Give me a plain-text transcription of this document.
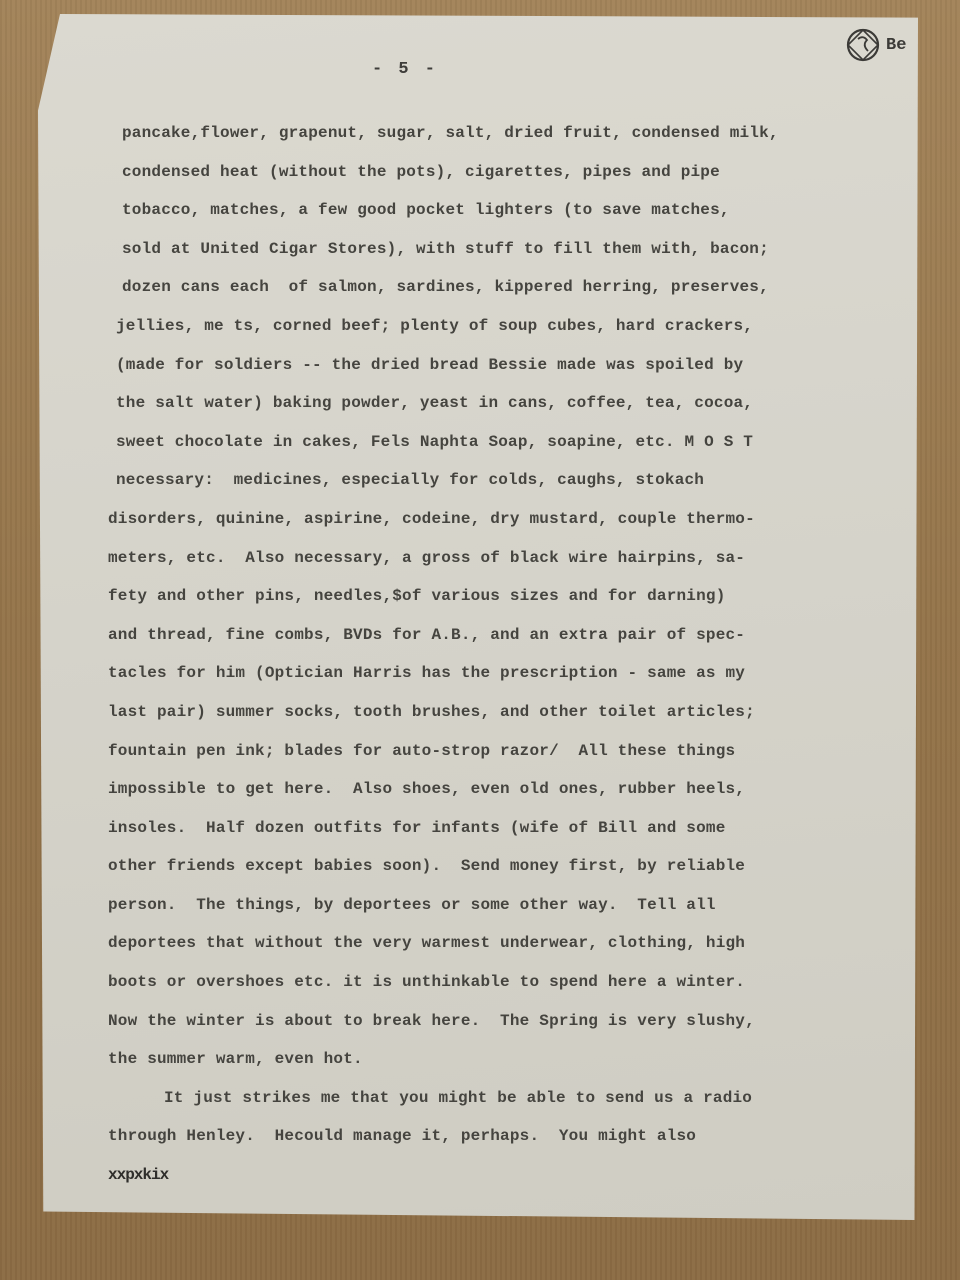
- 5 -
Be
pancake,flower, grapenut, sugar, salt, dried fruit, condensed milk,
condensed heat (without the pots), cigarettes, pipes and pipe
tobacco, matches, a few good pocket lighters (to save matches,
sold at United Cigar Stores), with stuff to fill them with, bacon;
dozen cans each  of salmon, sardines, kippered herring, preserves,
jellies, me ts, corned beef; plenty of soup cubes, hard crackers,
(made for soldiers -- the dried bread Bessie made was spoiled by
the salt water) baking powder, yeast in cans, coffee, tea, cocoa,
sweet chocolate in cakes, Fels Naphta Soap, soapine, etc. M O S T
necessary:  medicines, especially for colds, caughs, stokach
disorders, quinine, aspirine, codeine, dry mustard, couple thermo-
meters, etc.  Also necessary, a gross of black wire hairpins, sa-
fety and other pins, needles,$of various sizes and for darning)
and thread, fine combs, BVDs for A.B., and an extra pair of spec-
tacles for him (Optician Harris has the prescription - same as my
last pair) summer socks, tooth brushes, and other toilet articles;
fountain pen ink; blades for auto-strop razor/  All these things
impossible to get here.  Also shoes, even old ones, rubber heels,
insoles.  Half dozen outfits for infants (wife of Bill and some
other friends except babies soon).  Send money first, by reliable
person.  The things, by deportees or some other way.  Tell all
deportees that without the very warmest underwear, clothing, high
boots or overshoes etc. it is unthinkable to spend here a winter.
Now the winter is about to break here.  The Spring is very slushy,
the summer warm, even hot.
It just strikes me that you might be able to send us a radio
through Henley.  Hecould manage it, perhaps.  You might also
xxpxkix
